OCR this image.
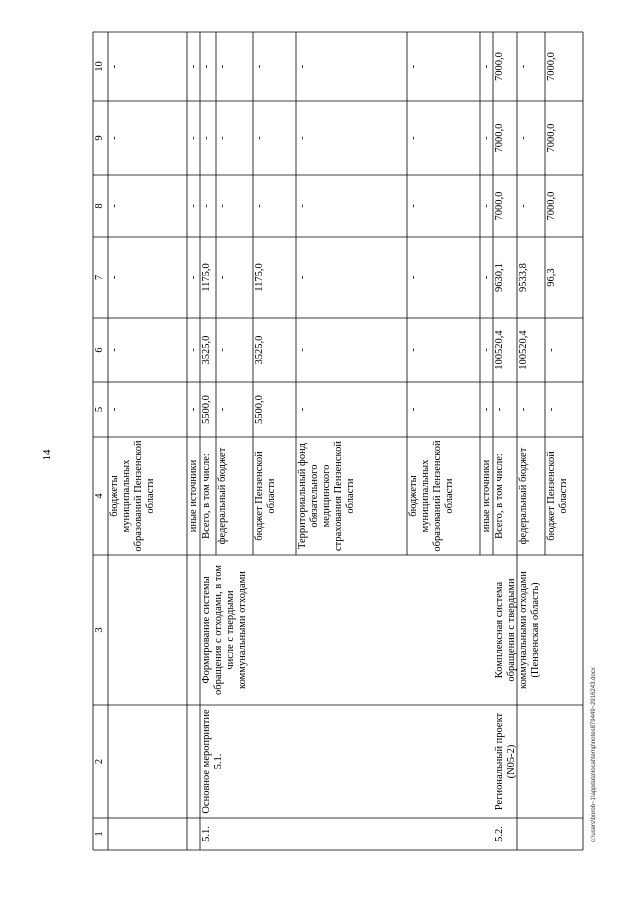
14
1
2
3
4
5
6
7
8
9
10
бюджеты муниципальных образований Пензенской области
-
-
-
-
-
-
иные источники
-
-
-
-
-
-
Всего, в том числе:
5500,0
3525,0
1175,0
-
-
-
федеральный бюджет
-
-
-
-
-
-
бюджет Пензенской области
5500,0
3525,0
1175,0
-
-
-
Территориальный фонд обязательного медицинского страхования Пензенской области
-
-
-
-
-
-
бюджеты муниципальных образований Пензенской области
-
-
-
-
-
-
иные источники
-
-
-
-
-
-
Всего, в том числе:
-
100520,4
9630,1
7000,0
7000,0
7000,0
федеральный бюджет
-
100520,4
9533,8
-
-
-
бюджет Пензенской области
-
-
96,3
7000,0
7000,0
7000,0
5.1.
Основное мероприятие 5.1.
Формирование системы обращения с отходами, в том числе с твердыми коммунальными отходами
5.2.
Региональный проект (N05-2)
Комплексная система обращения с твердыми коммунальными отходами (Пензенская область)
c:\users\borob~1\appdata\local\temp\notes879449~2916243.docx
